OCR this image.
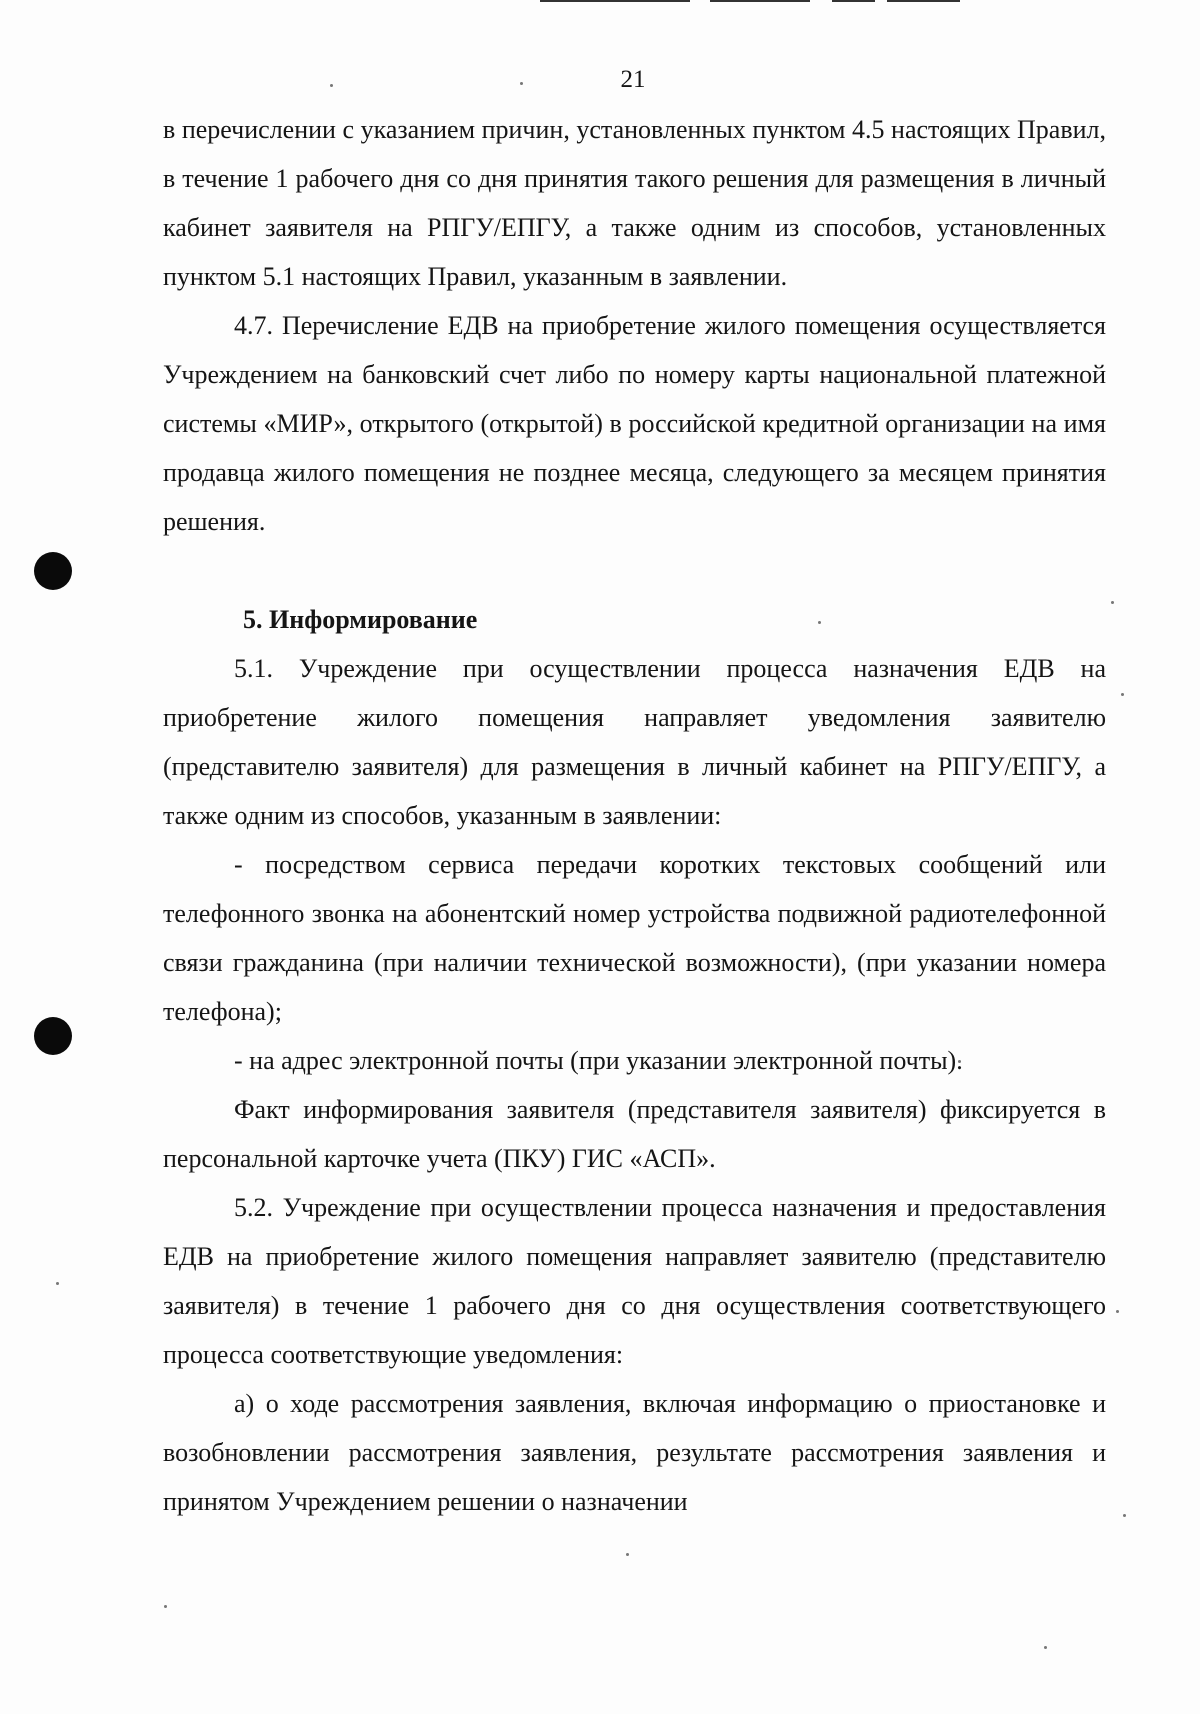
21

в перечислении с указанием причин, установленных пунктом 4.5 настоящих Правил, в течение 1 рабочего дня со дня принятия такого решения для размещения в личный кабинет заявителя на РПГУ/ЕПГУ, а также одним из способов, установленных пунктом 5.1 настоящих Правил, указанным в заявлении.

4.7. Перечисление ЕДВ на приобретение жилого помещения осуществляется Учреждением на банковский счет либо по номеру карты национальной платежной системы «МИР», открытого (открытой) в российской кредитной организации на имя продавца жилого помещения не позднее месяца, следующего за месяцем принятия решения.

5. Информирование

5.1. Учреждение при осуществлении процесса назначения ЕДВ на приобретение жилого помещения направляет уведомления заявителю (представителю заявителя) для размещения в личный кабинет на РПГУ/ЕПГУ, а также одним из способов, указанным в заявлении:

- посредством сервиса передачи коротких текстовых сообщений или телефонного звонка на абонентский номер устройства подвижной радиотелефонной связи гражданина (при наличии технической возможности), (при указании номера телефона);

- на адрес электронной почты (при указании электронной почты).

Факт информирования заявителя (представителя заявителя) фиксируется в персональной карточке учета (ПКУ) ГИС «АСП».

5.2. Учреждение при осуществлении процесса назначения и предоставления ЕДВ на приобретение жилого помещения направляет заявителю (представителю заявителя) в течение 1 рабочего дня со дня осуществления соответствующего процесса соответствующие уведомления:

а) о ходе рассмотрения заявления, включая информацию о приостановке и возобновлении рассмотрения заявления, результате рассмотрения заявления и принятом Учреждением решении о назначении
